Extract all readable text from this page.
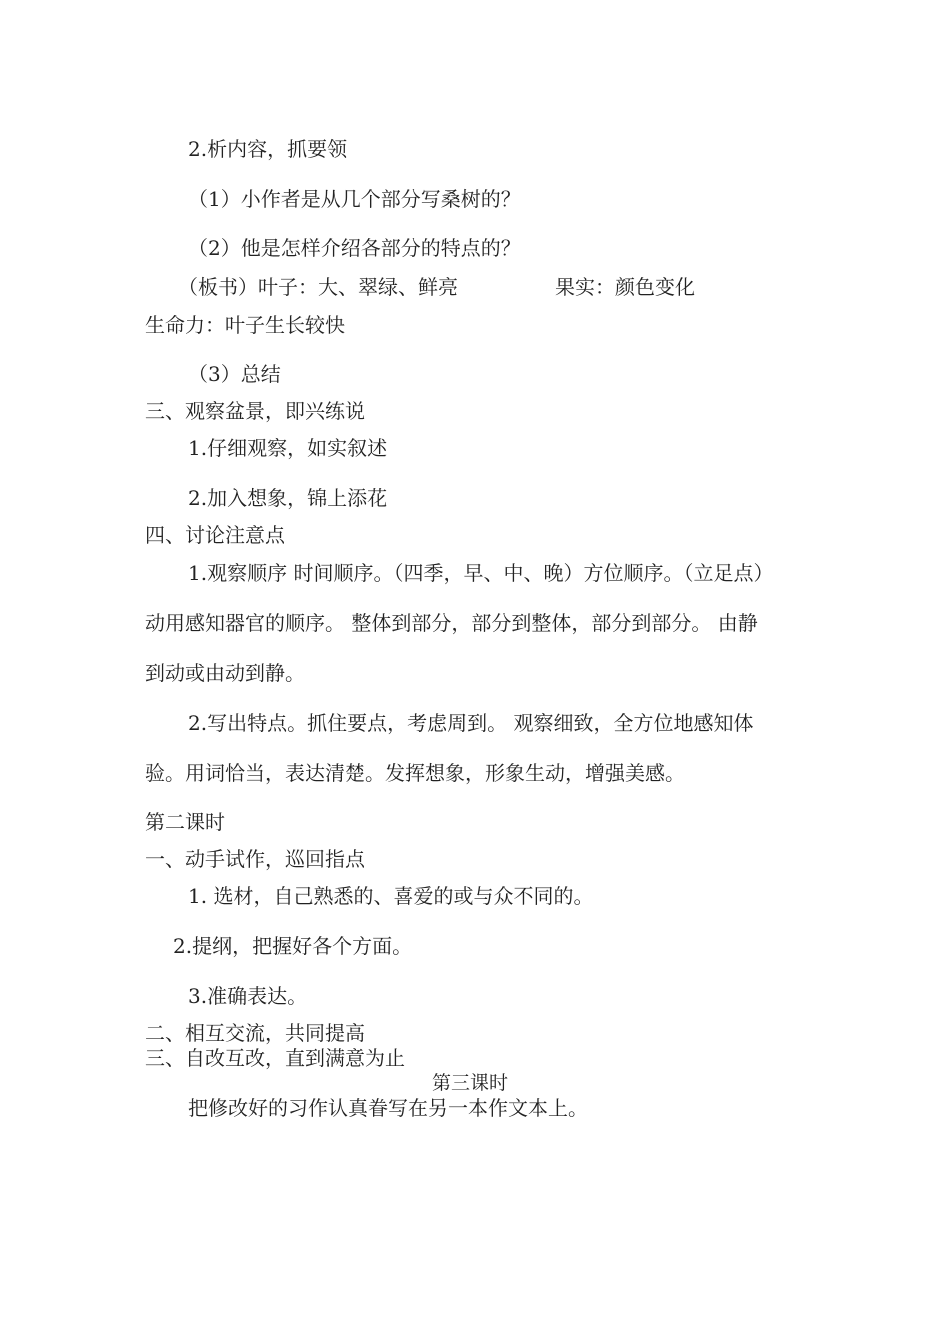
2.析内容，抓要领
（1）小作者是从几个部分写桑树的？
（2）他是怎样介绍各部分的特点的？
（板书）叶子：大、翠绿、鲜亮	果实：颜色变化
生命力：叶子生长较快
（3）总结
三、观察盆景，即兴练说
1.仔细观察，如实叙述
2.加入想象，锦上添花
四、讨论注意点
1.观察顺序 时间顺序。（四季，早、中、晚）方位顺序。（立足点）
动用感知器官的顺序。 整体到部分，部分到整体，部分到部分。 由静
到动或由动到静。
2.写出特点。抓住要点，考虑周到。 观察细致，全方位地感知体
验。用词恰当，表达清楚。发挥想象，形象生动，增强美感。
第二课时
一、动手试作，巡回指点
1. 选材，自己熟悉的、喜爱的或与众不同的。
2.提纲，把握好各个方面。
3.准确表达。
二、相互交流，共同提高
三、自改互改，直到满意为止
第三课时
把修改好的习作认真眷写在另一本作文本上。
